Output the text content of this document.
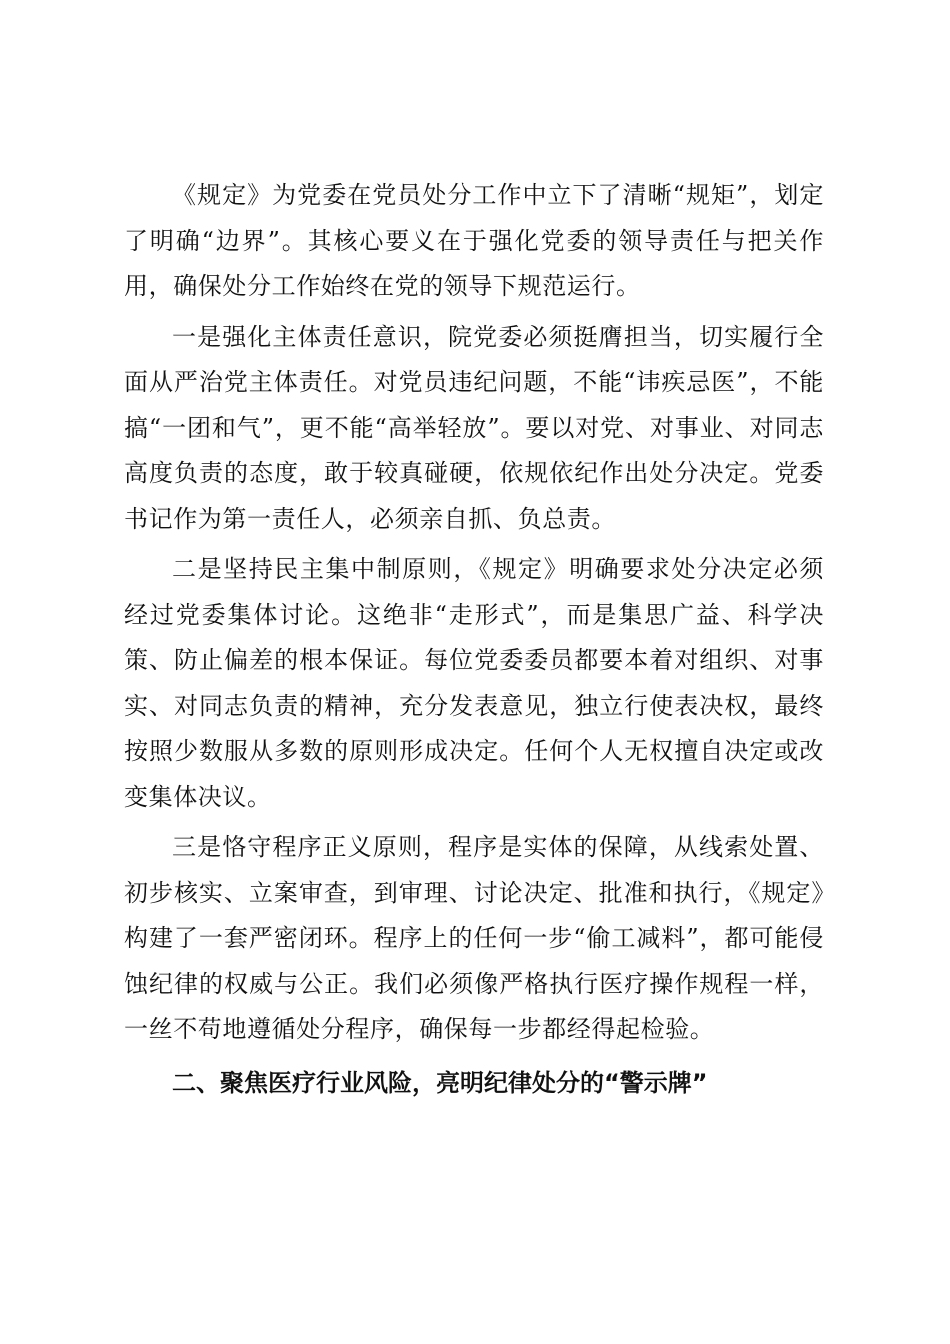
《规定》为党委在党员处分工作中立下了清晰“规矩”，划定了明确“边界”。其核心要义在于强化党委的领导责任与把关作用，确保处分工作始终在党的领导下规范运行。

一是强化主体责任意识，院党委必须挺膺担当，切实履行全面从严治党主体责任。对党员违纪问题，不能“讳疾忌医”，不能搞“一团和气”，更不能“高举轻放”。要以对党、对事业、对同志高度负责的态度，敢于较真碰硬，依规依纪作出处分决定。党委书记作为第一责任人，必须亲自抓、负总责。

二是坚持民主集中制原则，《规定》明确要求处分决定必须经过党委集体讨论。这绝非“走形式”，而是集思广益、科学决策、防止偏差的根本保证。每位党委委员都要本着对组织、对事实、对同志负责的精神，充分发表意见，独立行使表决权，最终按照少数服从多数的原则形成决定。任何个人无权擅自决定或改变集体决议。

三是恪守程序正义原则，程序是实体的保障，从线索处置、初步核实、立案审查，到审理、讨论决定、批准和执行，《规定》构建了一套严密闭环。程序上的任何一步“偷工减料”，都可能侵蚀纪律的权威与公正。我们必须像严格执行医疗操作规程一样，一丝不苟地遵循处分程序，确保每一步都经得起检验。

二、聚焦医疗行业风险，亮明纪律处分的“警示牌”
